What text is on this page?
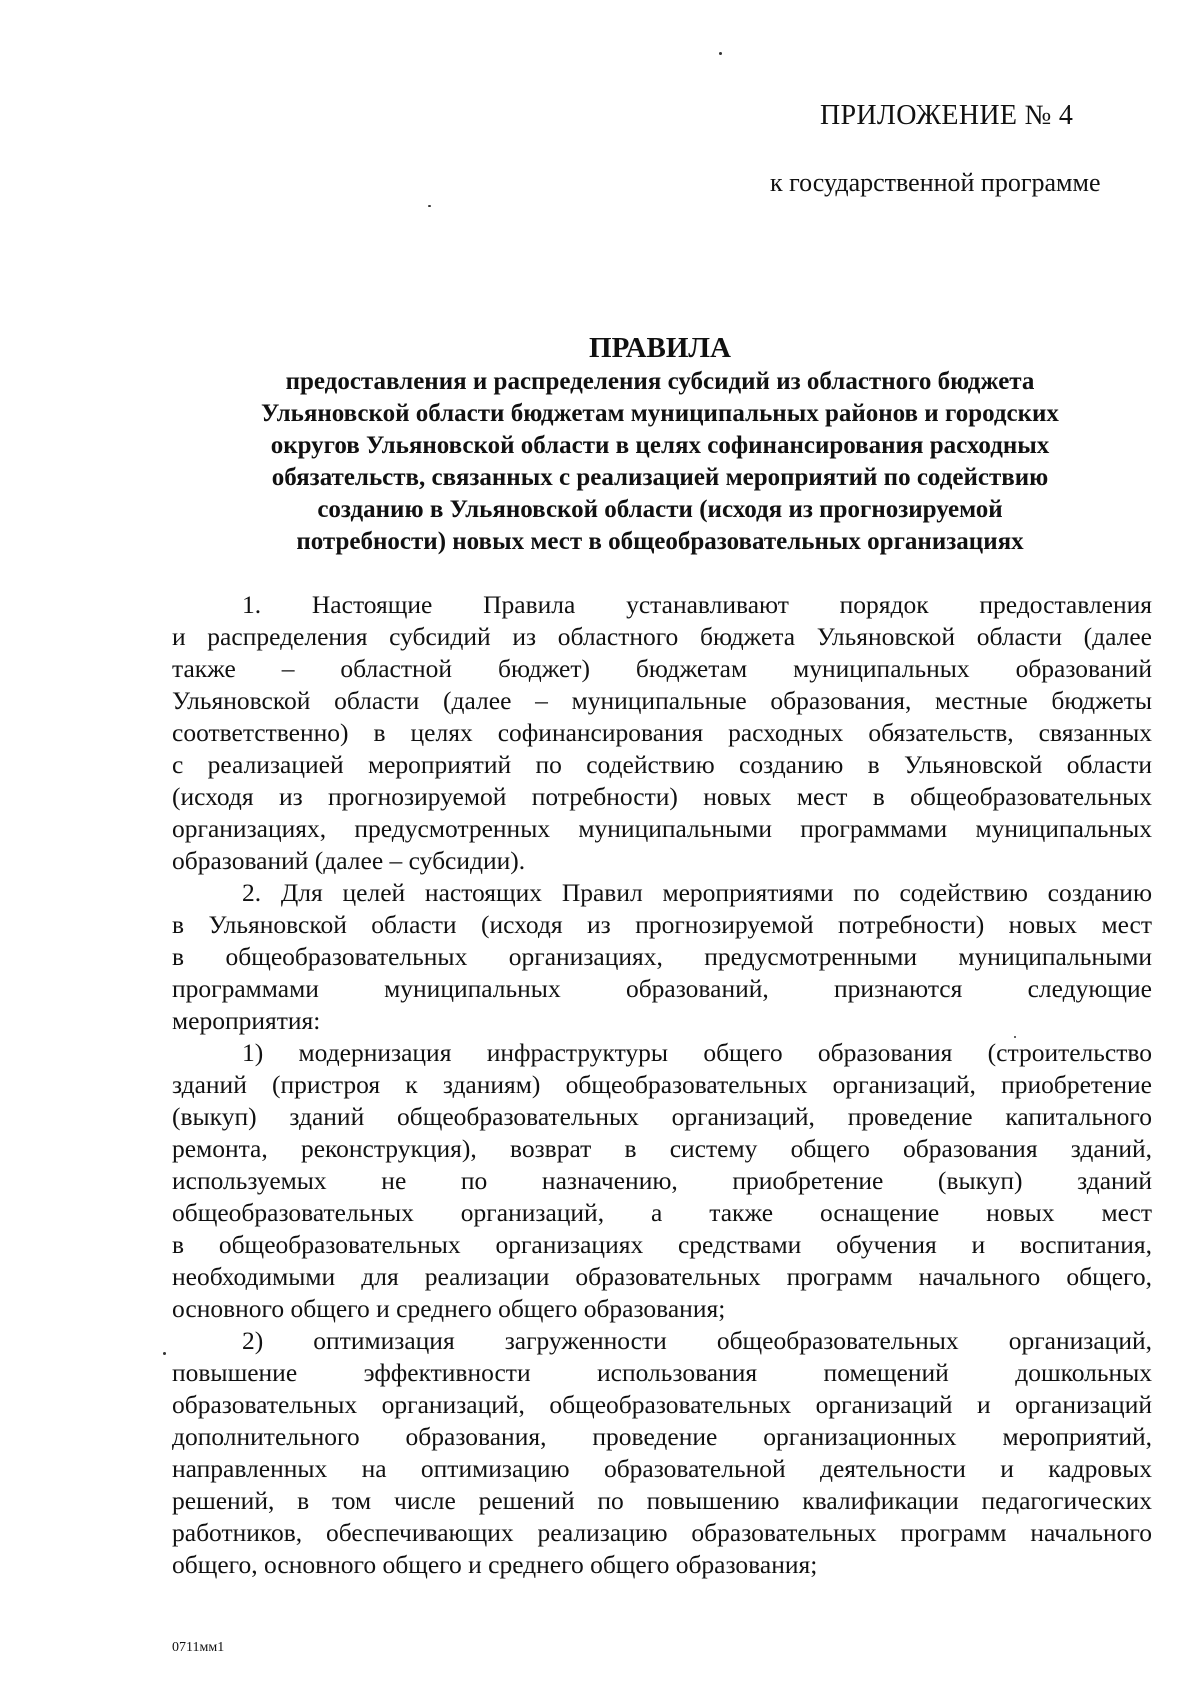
ПРИЛОЖЕНИЕ № 4
к государственной программе
ПРАВИЛА
предоставления и распределения субсидий из областного бюджета
Ульяновской области бюджетам муниципальных районов и городских
округов Ульяновской области в целях софинансирования расходных
обязательств, связанных с реализацией мероприятий по содействию
созданию в Ульяновской области (исходя из прогнозируемой
потребности) новых мест в общеобразовательных организациях
1. Настоящие Правила устанавливают порядок предоставления
и распределения субсидий из областного бюджета Ульяновской области (далее
также – областной бюджет) бюджетам муниципальных образований
Ульяновской области (далее – муниципальные образования, местные бюджеты
соответственно) в целях софинансирования расходных обязательств, связанных
с реализацией мероприятий по содействию созданию в Ульяновской области
(исходя из прогнозируемой потребности) новых мест в общеобразовательных
организациях, предусмотренных муниципальными программами муниципальных
образований (далее – субсидии).
2. Для целей настоящих Правил мероприятиями по содействию созданию
в Ульяновской области (исходя из прогнозируемой потребности) новых мест
в общеобразовательных организациях, предусмотренными муниципальными
программами муниципальных образований, признаются следующие
мероприятия:
1) модернизация инфраструктуры общего образования (строительство
зданий (пристроя к зданиям) общеобразовательных организаций, приобретение
(выкуп) зданий общеобразовательных организаций, проведение капитального
ремонта, реконструкция), возврат в систему общего образования зданий,
используемых не по назначению, приобретение (выкуп) зданий
общеобразовательных организаций, а также оснащение новых мест
в общеобразовательных организациях средствами обучения и воспитания,
необходимыми для реализации образовательных программ начального общего,
основного общего и среднего общего образования;
2) оптимизация загруженности общеобразовательных организаций,
повышение эффективности использования помещений дошкольных
образовательных организаций, общеобразовательных организаций и организаций
дополнительного образования, проведение организационных мероприятий,
направленных на оптимизацию образовательной деятельности и кадровых
решений, в том числе решений по повышению квалификации педагогических
работников, обеспечивающих реализацию образовательных программ начального
общего, основного общего и среднего общего образования;
0711мм1
